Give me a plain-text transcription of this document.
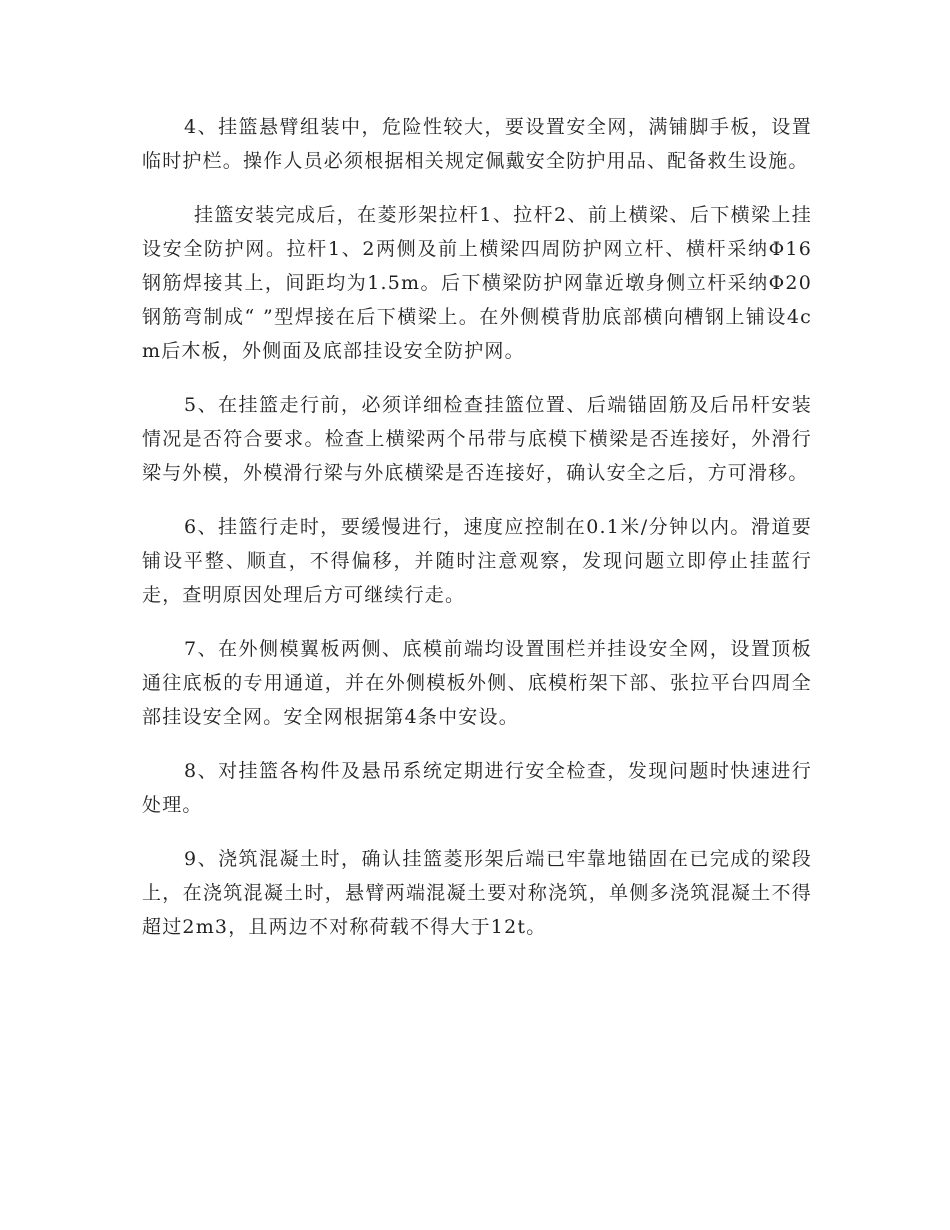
4、挂篮悬臂组装中，危险性较大，要设置安全网，满铺脚手板，设置临时护栏。操作人员必须根据相关规定佩戴安全防护用品、配备救生设施。

挂篮安装完成后，在菱形架拉杆1、拉杆2、前上横梁、后下横梁上挂设安全防护网。拉杆1、2两侧及前上横梁四周防护网立杆、横杆采纳Φ16钢筋焊接其上，间距均为1.5m。后下横梁防护网靠近墩身侧立杆采纳Φ20钢筋弯制成“ ”型焊接在后下横梁上。在外侧模背肋底部横向槽钢上铺设4cm后木板，外侧面及底部挂设安全防护网。

5、在挂篮走行前，必须详细检查挂篮位置、后端锚固筋及后吊杆安装情况是否符合要求。检查上横梁两个吊带与底模下横梁是否连接好，外滑行梁与外模，外模滑行梁与外底横梁是否连接好，确认安全之后，方可滑移。

6、挂篮行走时，要缓慢进行，速度应控制在0.1米/分钟以内。滑道要铺设平整、顺直，不得偏移，并随时注意观察，发现问题立即停止挂蓝行走，查明原因处理后方可继续行走。

7、在外侧模翼板两侧、底模前端均设置围栏并挂设安全网，设置顶板通往底板的专用通道，并在外侧模板外侧、底模桁架下部、张拉平台四周全部挂设安全网。安全网根据第4条中安设。

8、对挂篮各构件及悬吊系统定期进行安全检查，发现问题时快速进行处理。

9、浇筑混凝土时，确认挂篮菱形架后端已牢靠地锚固在已完成的梁段上，在浇筑混凝土时，悬臂两端混凝土要对称浇筑，单侧多浇筑混凝土不得超过2m3，且两边不对称荷载不得大于12t。
